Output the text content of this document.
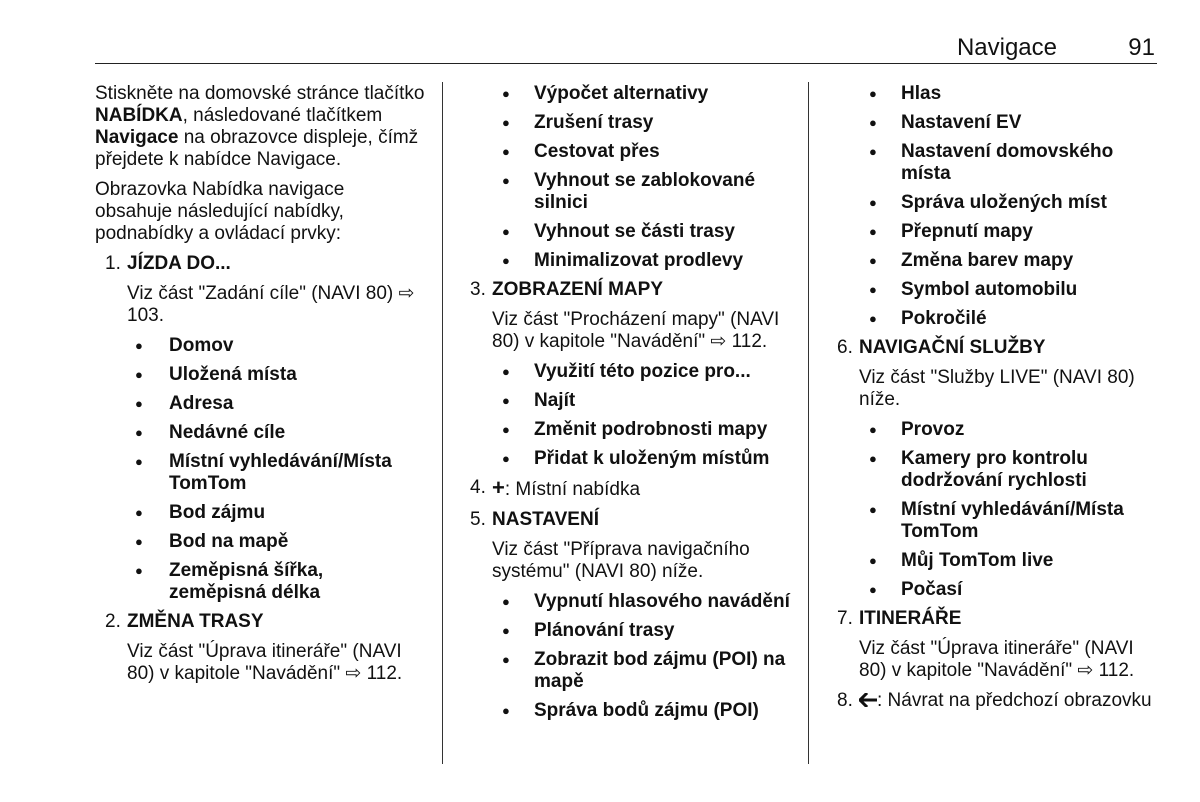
Navigace	91

Stiskněte na domovské stránce tlačítko NABÍDKA, následované tlačítkem Navigace na obrazovce displeje, čímž přejdete k nabídce Navigace.

Obrazovka Nabídka navigace obsahuje následující nabídky, podnabídky a ovládací prvky:

1. JÍZDA DO...
Viz část "Zadání cíle" (NAVI 80) ⇨ 103.
● Domov
● Uložená místa
● Adresa
● Nedávné cíle
● Místní vyhledávání/Místa TomTom
● Bod zájmu
● Bod na mapě
● Zeměpisná šířka, zeměpisná délka
2. ZMĚNA TRASY
Viz část "Úprava itineráře" (NAVI 80) v kapitole "Navádění" ⇨ 112.
● Výpočet alternativy
● Zrušení trasy
● Cestovat přes
● Vyhnout se zablokované silnici
● Vyhnout se části trasy
● Minimalizovat prodlevy
3. ZOBRAZENÍ MAPY
Viz část "Procházení mapy" (NAVI 80) v kapitole "Navádění" ⇨ 112.
● Využití této pozice pro...
● Najít
● Změnit podrobnosti mapy
● Přidat k uloženým místům
4. +: Místní nabídka
5. NASTAVENÍ
Viz část "Příprava navigačního systému" (NAVI 80) níže.
● Vypnutí hlasového navádění
● Plánování trasy
● Zobrazit bod zájmu (POI) na mapě
● Správa bodů zájmu (POI)
● Hlas
● Nastavení EV
● Nastavení domovského místa
● Správa uložených míst
● Přepnutí mapy
● Změna barev mapy
● Symbol automobilu
● Pokročilé
6. NAVIGAČNÍ SLUŽBY
Viz část "Služby LIVE" (NAVI 80) níže.
● Provoz
● Kamery pro kontrolu dodržování rychlosti
● Místní vyhledávání/Místa TomTom
● Můj TomTom live
● Počasí
7. ITINERÁŘE
Viz část "Úprava itineráře" (NAVI 80) v kapitole "Navádění" ⇨ 112.
8.	: Návrat na předchozí obrazovku
